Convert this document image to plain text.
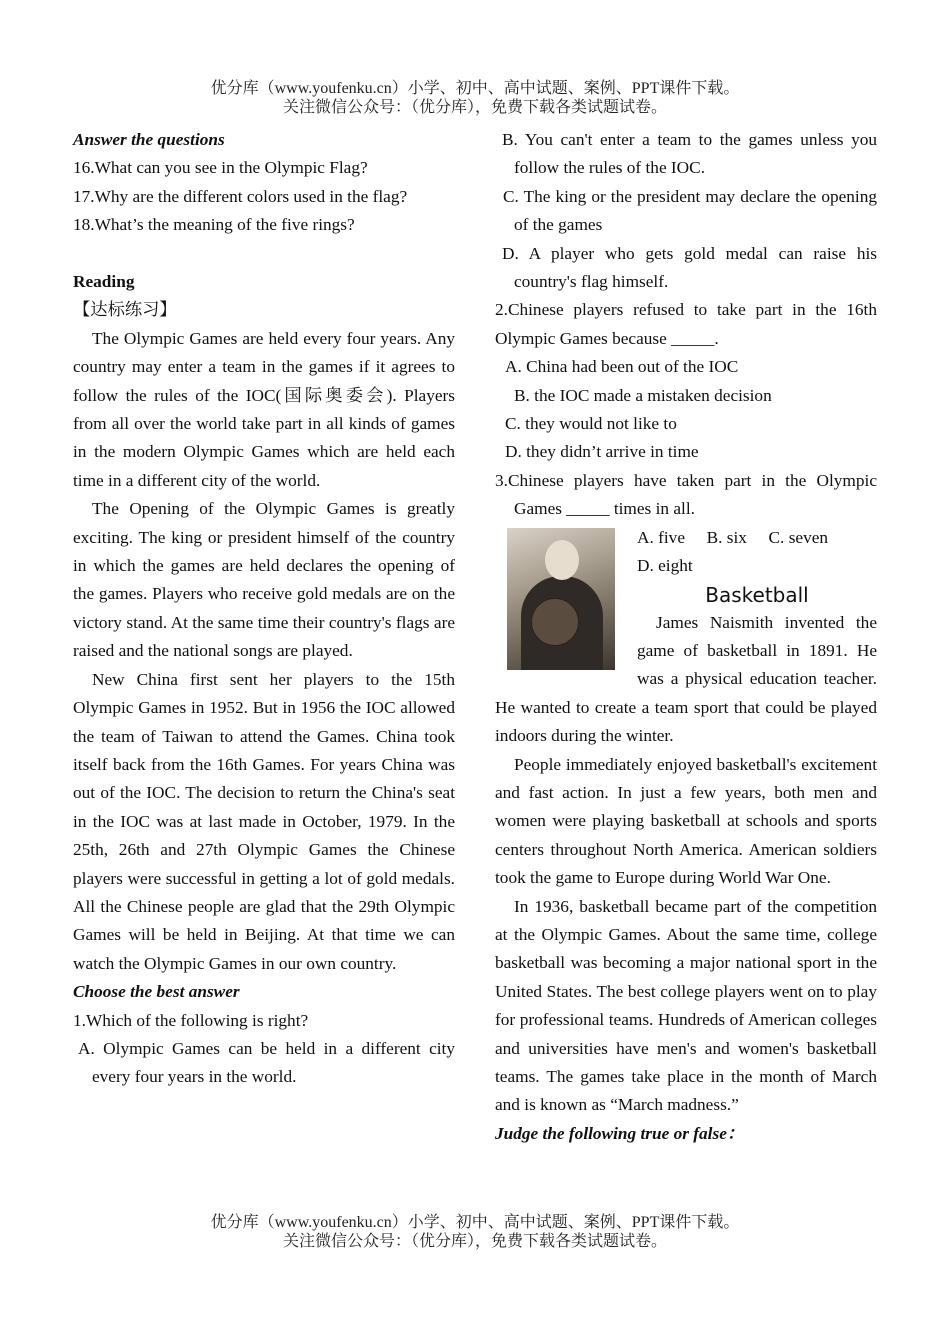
优分库（www.youfenku.cn）小学、初中、高中试题、案例、PPT课件下载。
关注微信公众号：（优分库），免费下载各类试题试卷。

Answer the questions

16.What can you see in the Olympic Flag?

17.Why are the different colors used in the flag?

18.What’s the meaning of the five rings?

Reading

【达标练习】

The Olympic Games are held every four years. Any country may enter a team in the games if it agrees to follow the rules of the IOC(国际奥委会). Players from all over the world take part in all kinds of games in the modern Olympic Games which are held each time in a different city of the world.

The Opening of the Olympic Games is greatly exciting. The king or president himself of the country in which the games are held declares the opening of the games. Players who receive gold medals are on the victory stand. At the same time their country's flags are raised and the national songs are played.

New China first sent her players to the 15th Olympic Games in 1952. But in 1956 the IOC allowed the team of Taiwan to attend the Games. China took itself back from the 16th Games. For years China was out of the IOC. The decision to return the China's seat in the IOC was at last made in October, 1979. In the 25th, 26th and 27th Olympic Games the Chinese players were successful in getting a lot of gold medals. All the Chinese people are glad that the 29th Olympic Games will be held in Beijing. At that time we can watch the Olympic Games in our own country.

Choose the best answer

1.Which of the following is right?

A. Olympic Games can be held in a different city every four years in the world.

B. You can't enter a team to the games unless you follow the rules of the IOC.

C. The king or the president may declare the opening of the games

D. A player who gets gold medal can raise his country's flag himself.

2.Chinese players refused to take part in the 16th Olympic Games because _____.

A. China had been out of the IOC

B. the IOC made a mistaken decision

C. they would not like to

D. they didn’t arrive in time

3.Chinese players have taken part in the Olympic Games _____ times in all.

A. five     B. six     C. seven

D. eight

Basketball

James Naismith invented the game of basketball in 1891. He was a physical education teacher. He wanted to create a team sport that could be played indoors during the winter.

People immediately enjoyed basketball's excitement and fast action. In just a few years, both men and women were playing basketball at schools and sports centers throughout North America. American soldiers took the game to Europe during World War One.

In 1936, basketball became part of the competition at the Olympic Games. About the same time, college basketball was becoming a major national sport in the United States. The best college players went on to play for professional teams. Hundreds of American colleges and universities have men's and women's basketball teams. The games take place in the month of March and is known as “March madness.”

Judge the following true or false：

优分库（www.youfenku.cn）小学、初中、高中试题、案例、PPT课件下载。
关注微信公众号：（优分库），免费下载各类试题试卷。
